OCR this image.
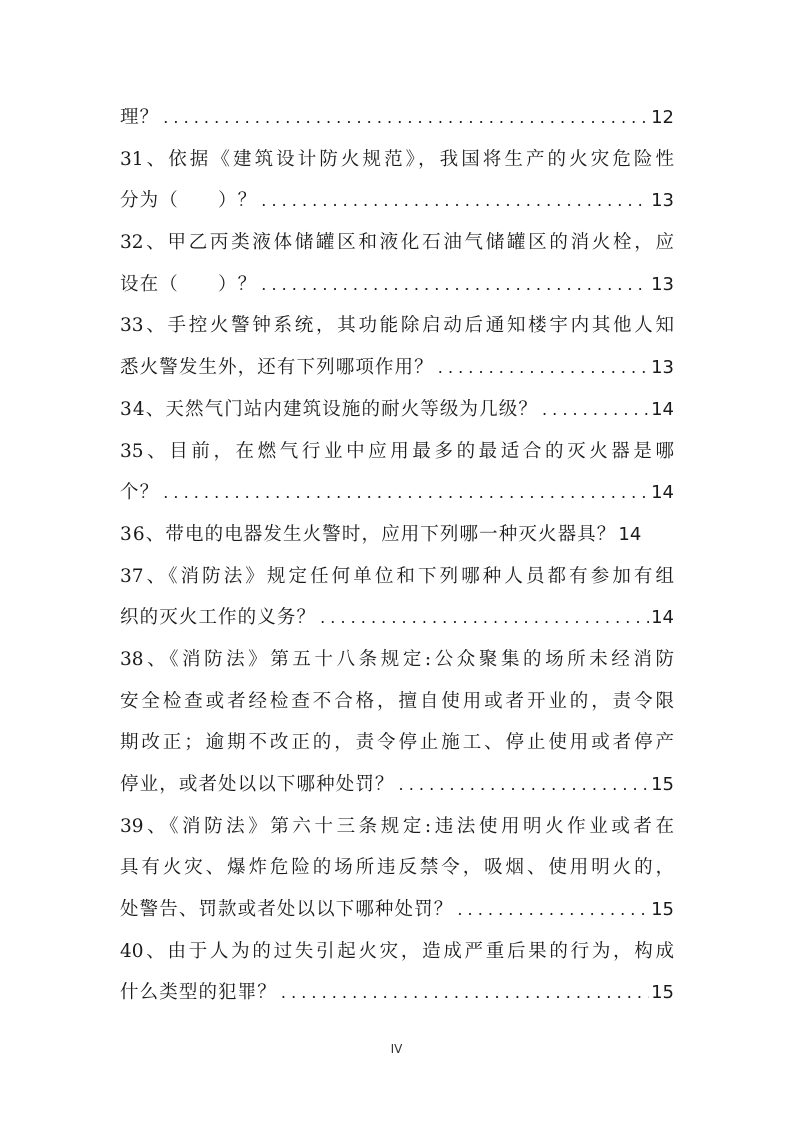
理？ . . .	12
31、依据《建筑设计防火规范》，我国将生产的火灾危险性
分为（　　）？ . . .	13
32、甲乙丙类液体储罐区和液化石油气储罐区的消火栓，应
设在（　　）？ . . .	13
33、手控火警钟系统，其功能除启动后通知楼宇内其他人知
悉火警发生外，还有下列哪项作用？ . . .	13
34、天然气门站内建筑设施的耐火等级为几级？ . . .	14
35、目前，在燃气行业中应用最多的最适合的灭火器是哪
个？ . . .	14
36、带电的电器发生火警时，应用下列哪一种灭火器具？ 14
37、《消防法》规定任何单位和下列哪种人员都有参加有组
织的灭火工作的义务？ . . .	14
38、《消防法》第五十八条规定:公众聚集的场所未经消防
安全检查或者经检查不合格，擅自使用或者开业的，责令限
期改正；逾期不改正的，责令停止施工、停止使用或者停产
停业，或者处以以下哪种处罚？ . . .	15
39、《消防法》第六十三条规定:违法使用明火作业或者在
具有火灾、爆炸危险的场所违反禁令，吸烟、使用明火的，
处警告、罚款或者处以以下哪种处罚？ . . .	15
40、由于人为的过失引起火灾，造成严重后果的行为，构成
什么类型的犯罪？ . . .	15
IV
